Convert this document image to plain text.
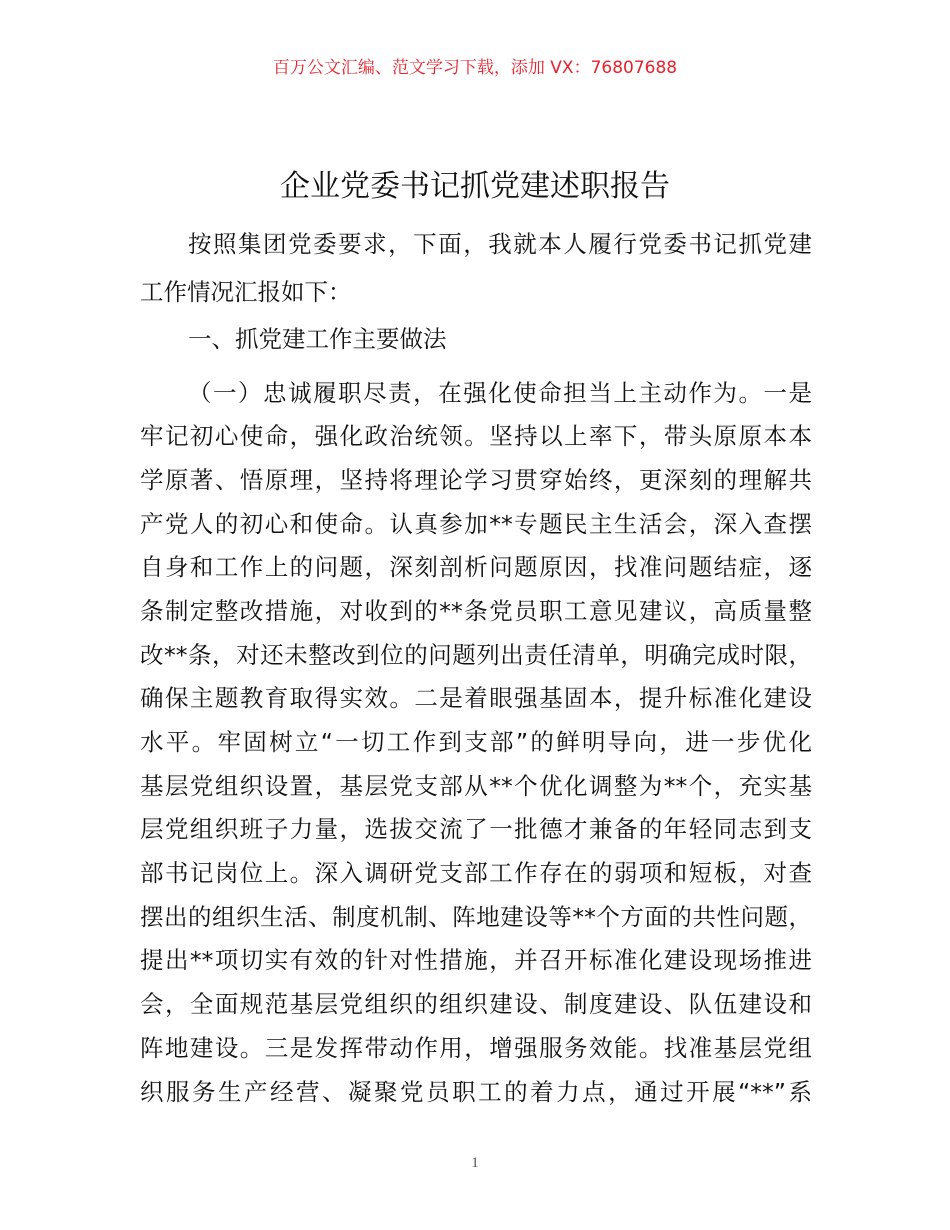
百万公文汇编、范文学习下载，添加 VX：76807688
企业党委书记抓党建述职报告
按照集团党委要求，下面，我就本人履行党委书记抓党建
工作情况汇报如下：
一、抓党建工作主要做法
（一）忠诚履职尽责，在强化使命担当上主动作为。一是
牢记初心使命，强化政治统领。坚持以上率下，带头原原本本
学原著、悟原理，坚持将理论学习贯穿始终，更深刻的理解共
产党人的初心和使命。认真参加**专题民主生活会，深入查摆
自身和工作上的问题，深刻剖析问题原因，找准问题结症，逐
条制定整改措施，对收到的**条党员职工意见建议，高质量整
改**条，对还未整改到位的问题列出责任清单，明确完成时限，
确保主题教育取得实效。二是着眼强基固本，提升标准化建设
水平。牢固树立“一切工作到支部”的鲜明导向，进一步优化
基层党组织设置，基层党支部从**个优化调整为**个，充实基
层党组织班子力量，选拔交流了一批德才兼备的年轻同志到支
部书记岗位上。深入调研党支部工作存在的弱项和短板，对查
摆出的组织生活、制度机制、阵地建设等**个方面的共性问题，
提出**项切实有效的针对性措施，并召开标准化建设现场推进
会，全面规范基层党组织的组织建设、制度建设、队伍建设和
阵地建设。三是发挥带动作用，增强服务效能。找准基层党组
织服务生产经营、凝聚党员职工的着力点，通过开展“**”系
1
